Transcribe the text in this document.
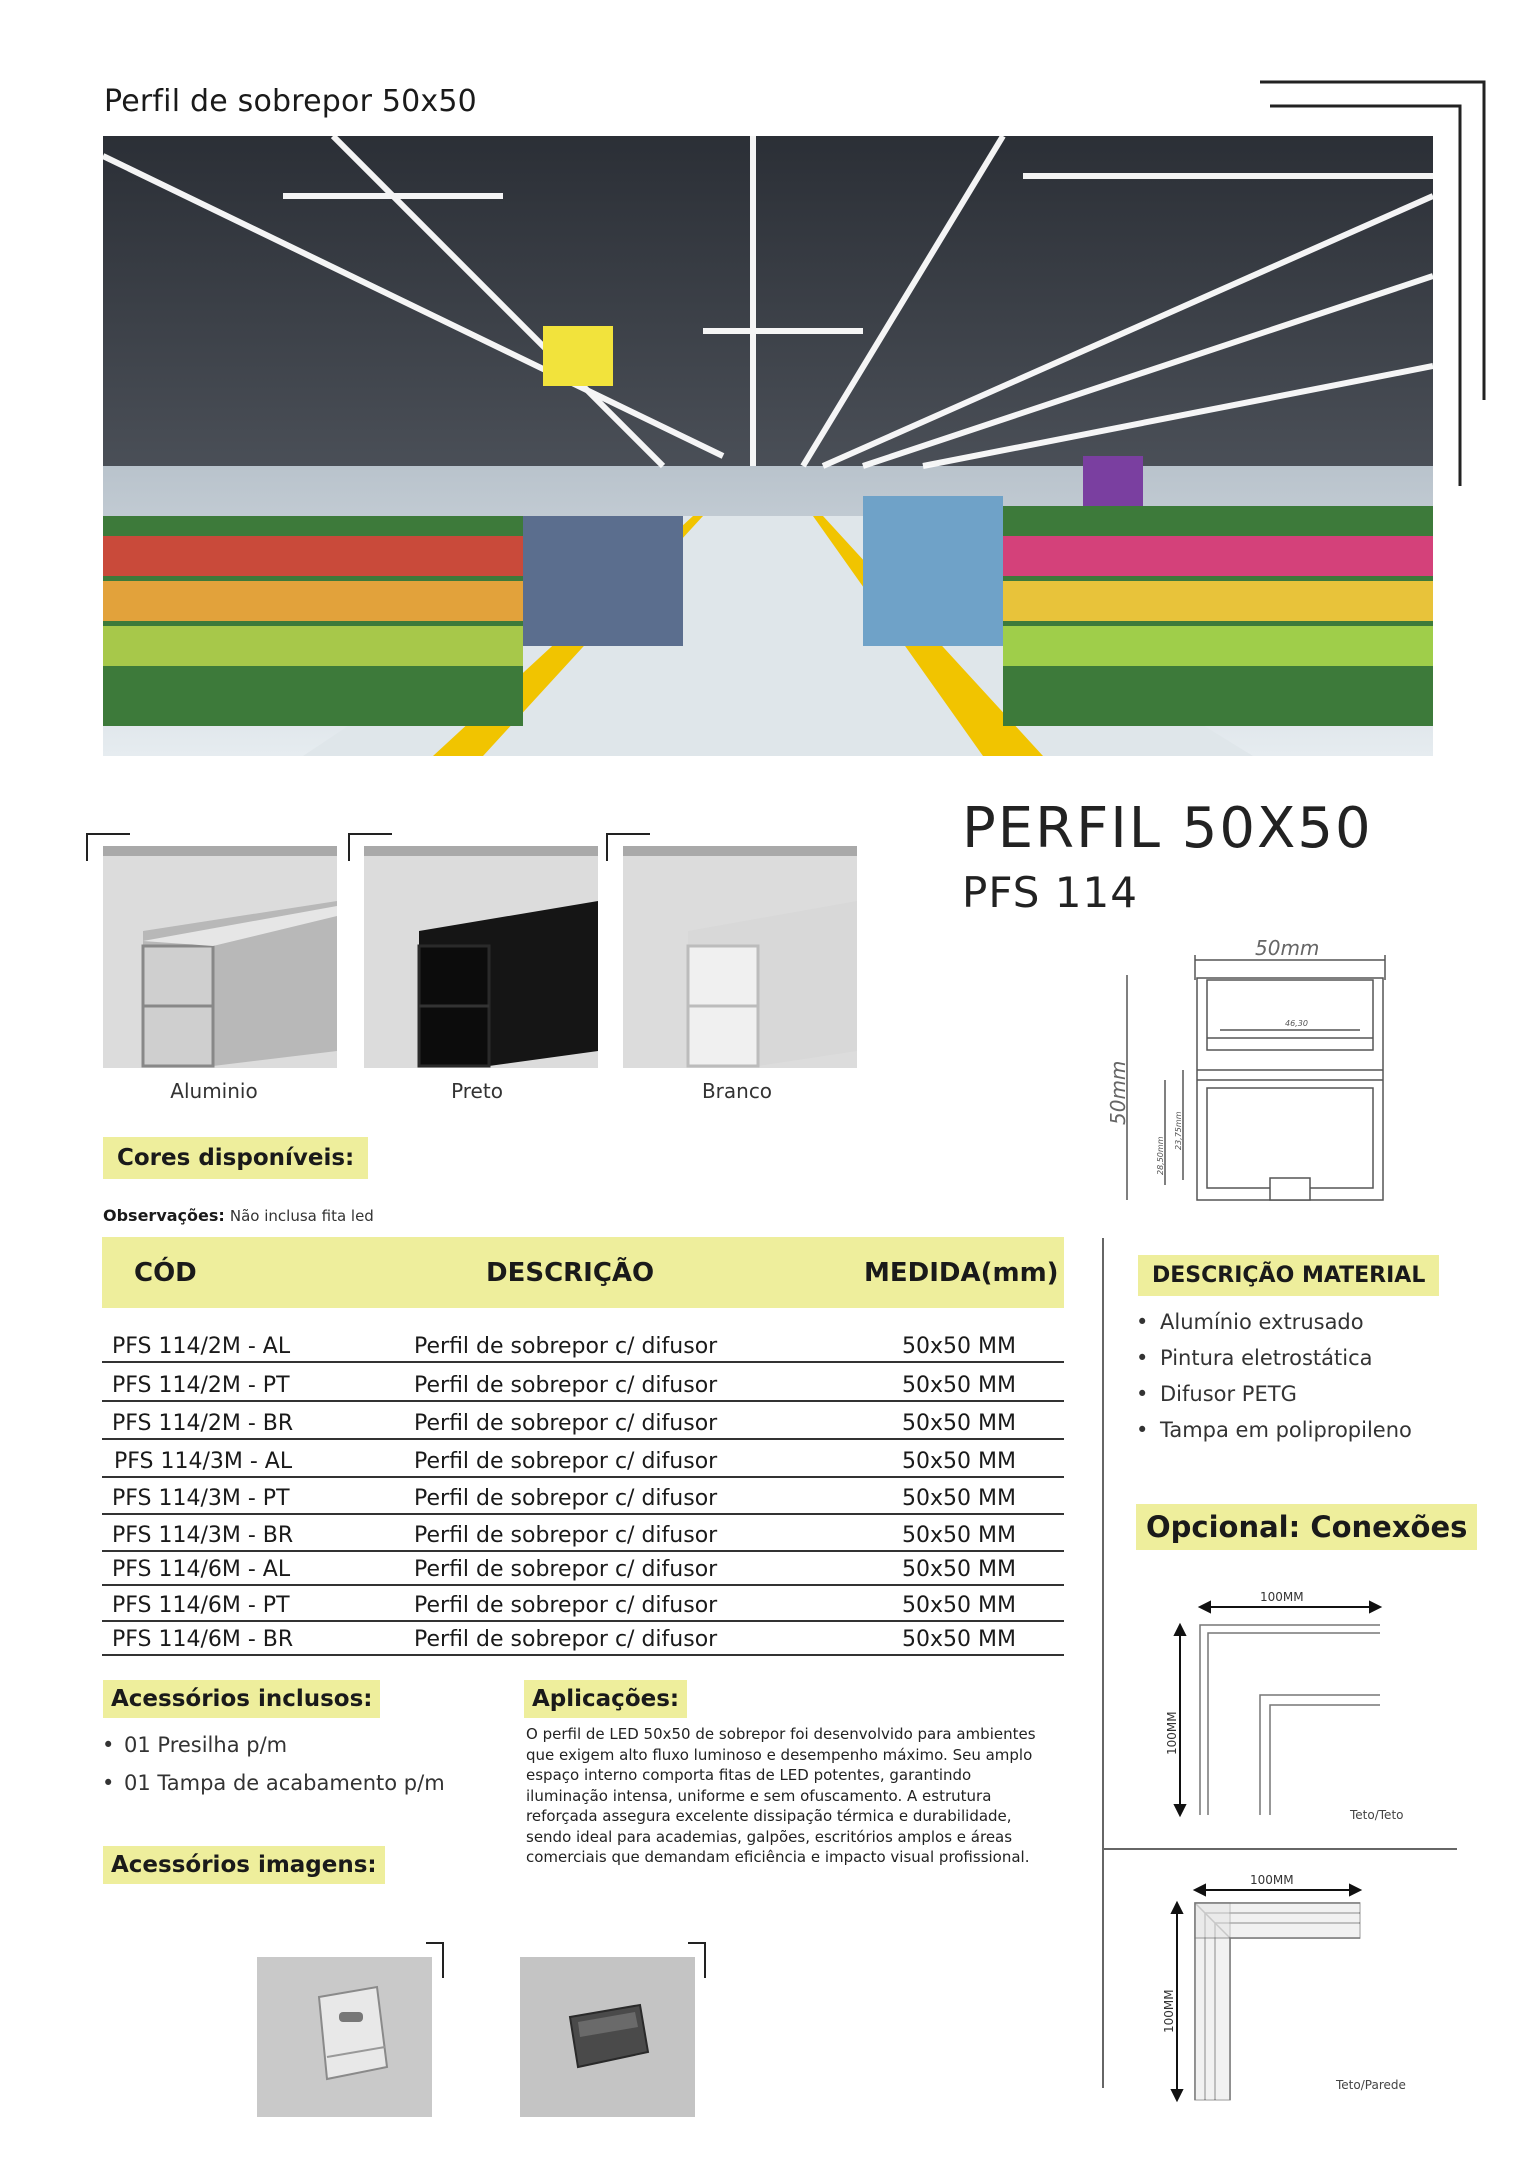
Perfil de sobrepor 50x50
Aluminio	Preto	Branco
Cores disponíveis:
PERFIL 50X50
PFS 114
50mm
46,30
50mm
28,50mm
23,75mm
Observações: Não inclusa fita led
CÓD	DESCRIÇÃO	MEDIDA(mm)
PFS 114/2M - AL	Perfil de sobrepor c/ difusor	50x50 MM
PFS 114/2M - PT	Perfil de sobrepor c/ difusor	50x50 MM
PFS 114/2M - BR	Perfil de sobrepor c/ difusor	50x50 MM
PFS 114/3M - AL	Perfil de sobrepor c/ difusor	50x50 MM
PFS 114/3M - PT	Perfil de sobrepor c/ difusor	50x50 MM
PFS 114/3M - BR	Perfil de sobrepor c/ difusor	50x50 MM
PFS 114/6M - AL	Perfil de sobrepor c/ difusor	50x50 MM
PFS 114/6M - PT	Perfil de sobrepor c/ difusor	50x50 MM
PFS 114/6M - BR	Perfil de sobrepor c/ difusor	50x50 MM
DESCRIÇÃO MATERIAL
• Alumínio extrusado
• Pintura eletrostática
• Difusor PETG
• Tampa em polipropileno
Opcional: Conexões
100MM
100MM
Teto/Teto
100MM
100MM
Teto/Parede
Acessórios inclusos:
• 01 Presilha p/m
• 01 Tampa de acabamento p/m
Aplicações:
O perfil de LED 50x50 de sobrepor foi desenvolvido para ambientes
que exigem alto fluxo luminoso e desempenho máximo. Seu amplo
espaço interno comporta fitas de LED potentes, garantindo
iluminação intensa, uniforme e sem ofuscamento. A estrutura
reforçada assegura excelente dissipação térmica e durabilidade,
sendo ideal para academias, galpões, escritórios amplos e áreas
comerciais que demandam eficiência e impacto visual profissional.
Acessórios imagens:
